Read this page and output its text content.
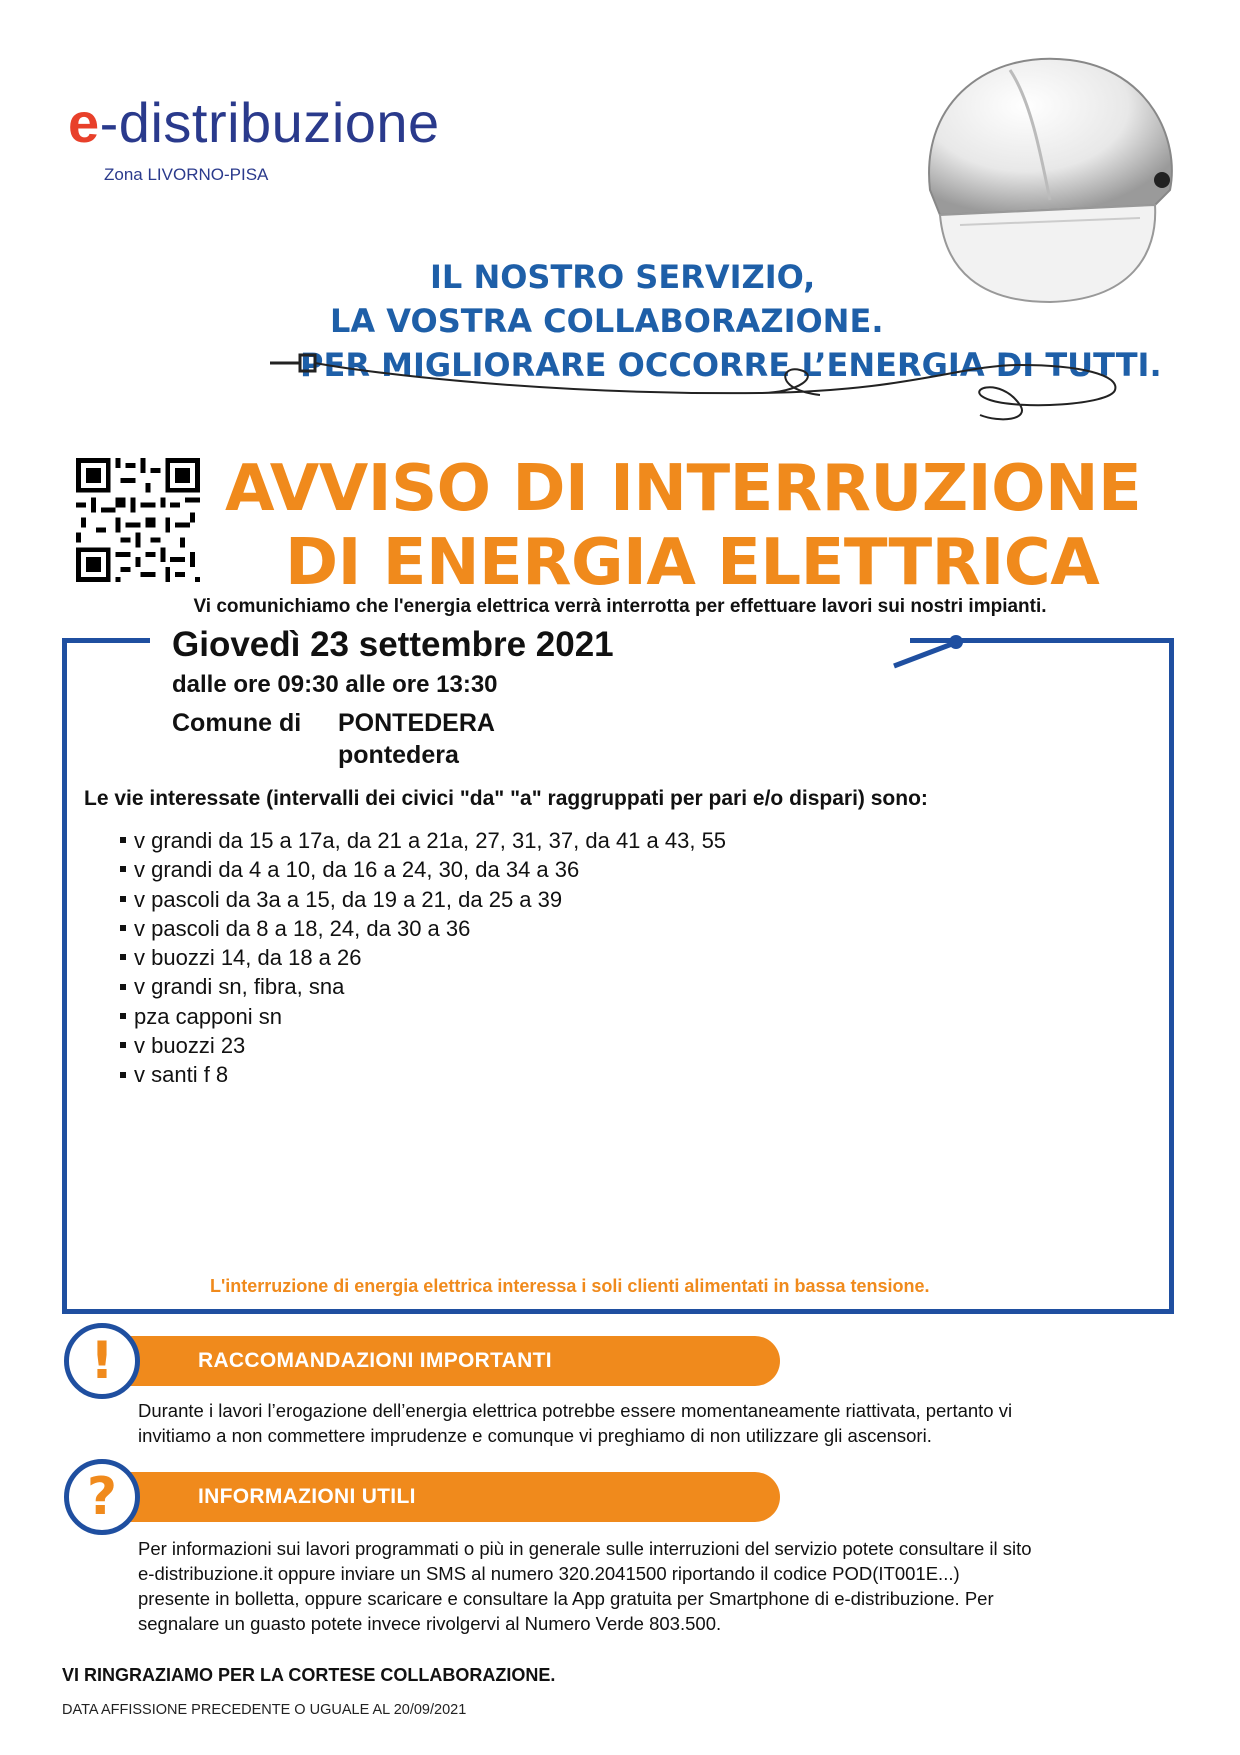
e-distribuzione
Zona LIVORNO-PISA
IL NOSTRO SERVIZIO,
LA VOSTRA COLLABORAZIONE.
PER MIGLIORARE OCCORRE L’ENERGIA DI TUTTI.
AVVISO DI INTERRUZIONE
DI ENERGIA ELETTRICA
Vi comunichiamo che l'energia elettrica verrà interrotta per effettuare lavori sui nostri impianti.
Giovedì 23 settembre 2021
dalle ore 09:30 alle ore 13:30
Comune di PONTEDERA
pontedera
Le vie interessate (intervalli dei civici "da" "a" raggruppati per pari e/o dispari) sono:
v grandi da 15 a 17a, da 21 a 21a, 27, 31, 37, da 41 a 43, 55
v grandi da 4 a 10, da 16 a 24, 30, da 34 a 36
v pascoli da 3a a 15, da 19 a 21, da 25 a 39
v pascoli da 8 a 18, 24, da 30 a 36
v buozzi 14, da 18 a 26
v grandi sn, fibra, sna
pza capponi sn
v buozzi 23
v santi f 8
L'interruzione di energia elettrica interessa i soli clienti alimentati in bassa tensione.
RACCOMANDAZIONI IMPORTANTI
!
Durante i lavori l’erogazione dell’energia elettrica potrebbe essere momentaneamente riattivata, pertanto vi
invitiamo a non commettere imprudenze e comunque vi preghiamo di non utilizzare gli ascensori.
INFORMAZIONI UTILI
?
Per informazioni sui lavori programmati o più in generale sulle interruzioni del servizio potete consultare il sito
e-distribuzione.it oppure inviare un SMS al numero 320.2041500 riportando il codice POD(IT001E...)
presente in bolletta, oppure scaricare e consultare la App gratuita per Smartphone di e-distribuzione. Per
segnalare un guasto potete invece rivolgervi al Numero Verde 803.500.
VI RINGRAZIAMO PER LA CORTESE COLLABORAZIONE.
DATA AFFISSIONE PRECEDENTE O UGUALE AL 20/09/2021
